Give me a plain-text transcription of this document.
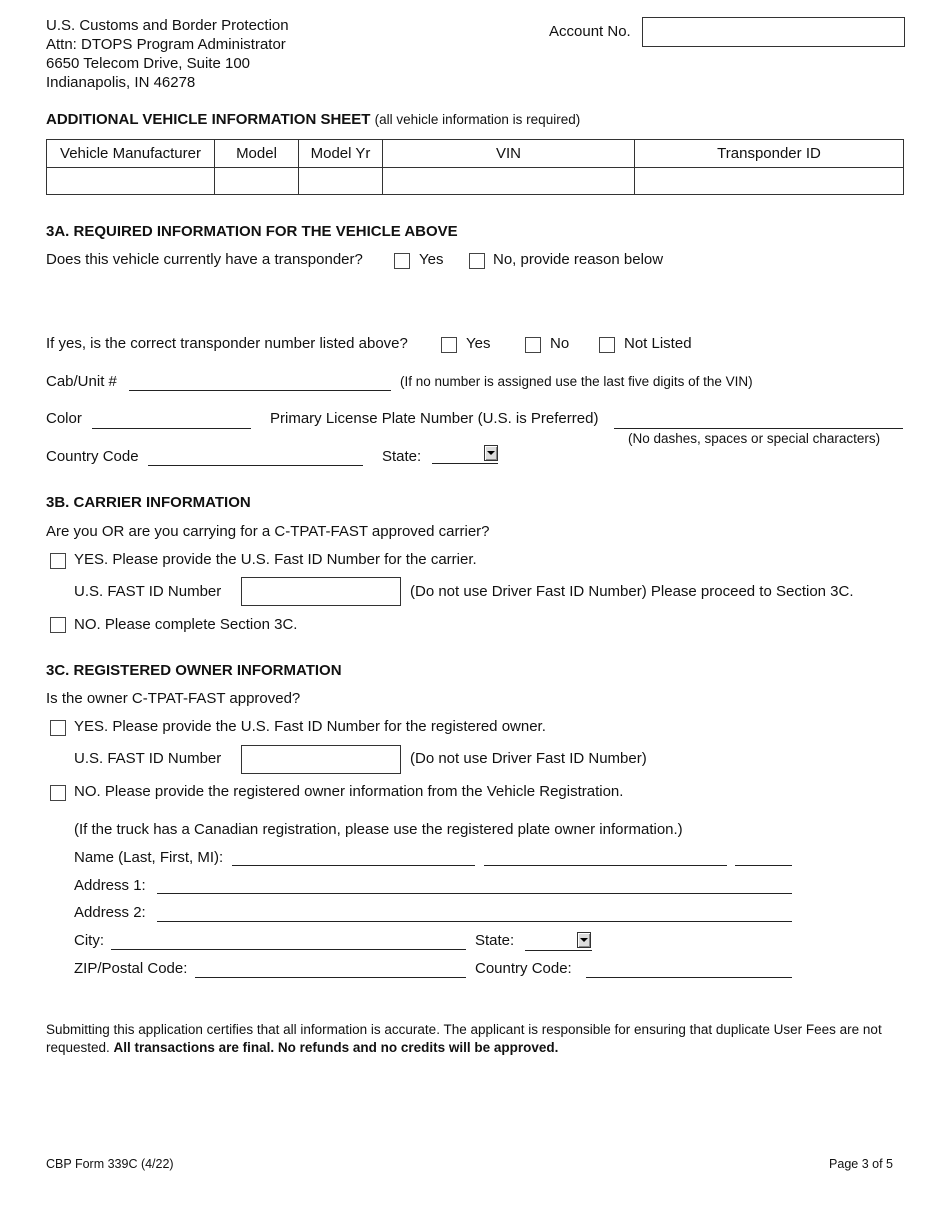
U.S. Customs and Border Protection
Attn: DTOPS Program Administrator
6650 Telecom Drive, Suite 100
Indianapolis, IN 46278
Account No.
ADDITIONAL VEHICLE INFORMATION SHEET (all vehicle information is required)
Vehicle Manufacturer	Model	Model Yr	VIN	Transponder ID

3A. REQUIRED INFORMATION FOR THE VEHICLE ABOVE
Does this vehicle currently have a transponder?	Yes	No, provide reason below
If yes, is the correct transponder number listed above?	Yes	No	Not Listed
Cab/Unit #	(If no number is assigned use the last five digits of the VIN)
Color	Primary License Plate Number (U.S. is Preferred)
(No dashes, spaces or special characters)
Country Code	State:
3B. CARRIER INFORMATION
Are you OR are you carrying for a C-TPAT-FAST approved carrier?
YES. Please provide the U.S. Fast ID Number for the carrier.
U.S. FAST ID Number	(Do not use Driver Fast ID Number) Please proceed to Section 3C.
NO. Please complete Section 3C.
3C. REGISTERED OWNER INFORMATION
Is the owner C-TPAT-FAST approved?
YES. Please provide the U.S. Fast ID Number for the registered owner.
U.S. FAST ID Number	(Do not use Driver Fast ID Number)
NO. Please provide the registered owner information from the Vehicle Registration.
(If the truck has a Canadian registration, please use the registered plate owner information.)
Name (Last, First, MI):
Address 1:
Address 2:
City:	State:
ZIP/Postal Code:	Country Code:
Submitting this application certifies that all information is accurate. The applicant is responsible for ensuring that duplicate User Fees are not requested. All transactions are final. No refunds and no credits will be approved.
CBP Form 339C (4/22)	Page 3 of 5
